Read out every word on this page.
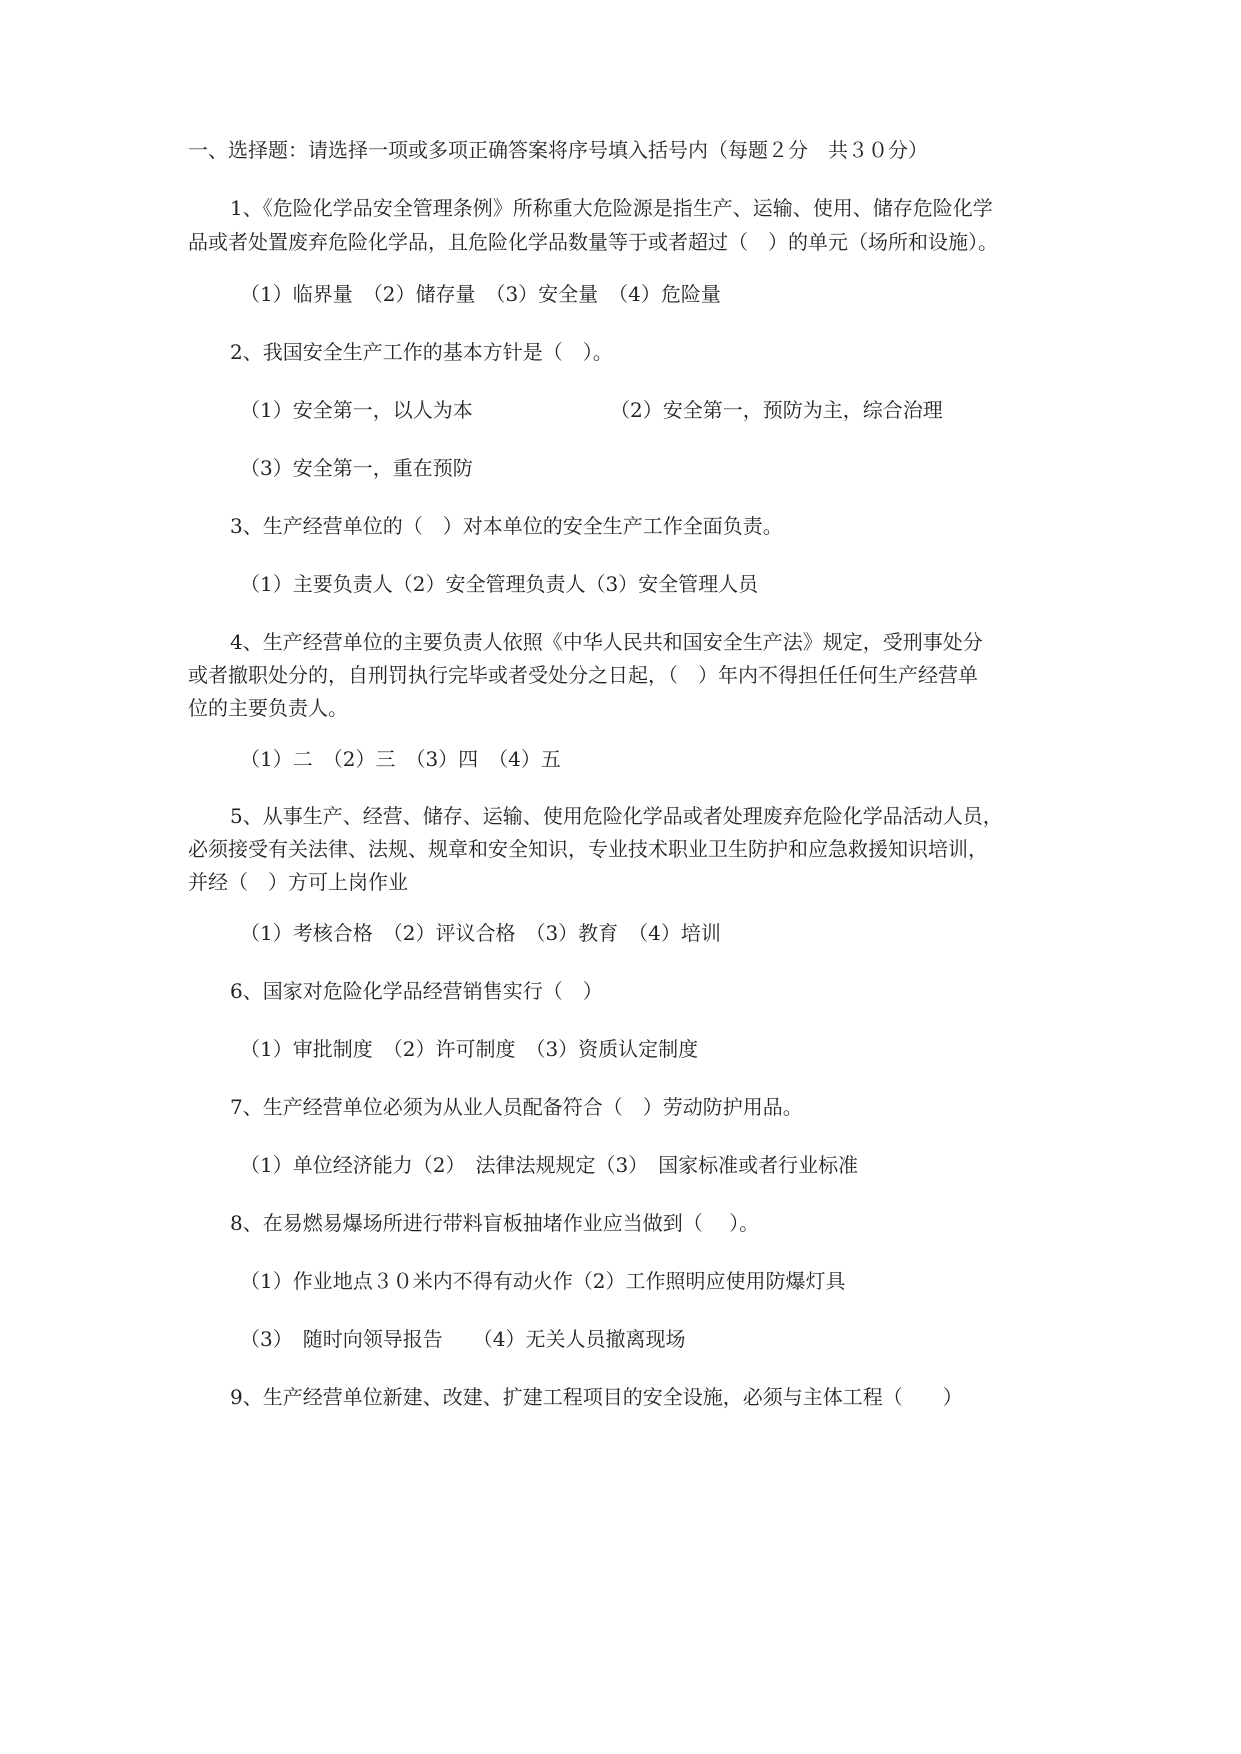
一、选择题：请选择一项或多项正确答案将序号填入括号内（每题２分　共３０分）
1、《危险化学品安全管理条例》所称重大危险源是指生产、运输、使用、储存危险化学
品或者处置废弃危险化学品，且危险化学品数量等于或者超过（　）的单元（场所和设施）。
（1）临界量　（2）储存量　（3）安全量　（4）危险量
2、我国安全生产工作的基本方针是（　）。
（1）安全第一，以人为本	（2）安全第一，预防为主，综合治理
（3）安全第一，重在预防
3、生产经营单位的（　）对本单位的安全生产工作全面负责。
（1）主要负责人（2）安全管理负责人（3）安全管理人员
4、生产经营单位的主要负责人依照《中华人民共和国安全生产法》规定，受刑事处分
或者撤职处分的，自刑罚执行完毕或者受处分之日起，（　）年内不得担任任何生产经营单
位的主要负责人。
（1）二　（2）三　（3）四　（4）五
5、从事生产、经营、储存、运输、使用危险化学品或者处理废弃危险化学品活动人员，
必须接受有关法律、法规、规章和安全知识，专业技术职业卫生防护和应急救援知识培训，
并经（　）方可上岗作业
（1）考核合格　（2）评议合格　（3）教育　（4）培训
6、国家对危险化学品经营销售实行（　）
（1）审批制度　（2）许可制度　（3）资质认定制度
7、生产经营单位必须为从业人员配备符合（　）劳动防护用品。
（1）单位经济能力（2）　法律法规规定（3）　国家标准或者行业标准
8、在易燃易爆场所进行带料盲板抽堵作业应当做到（　 ）。
（1）作业地点３０米内不得有动火作（2）工作照明应使用防爆灯具
（3）　随时向领导报告　　（4）无关人员撤离现场
9、生产经营单位新建、改建、扩建工程项目的安全设施，必须与主体工程（　　）
